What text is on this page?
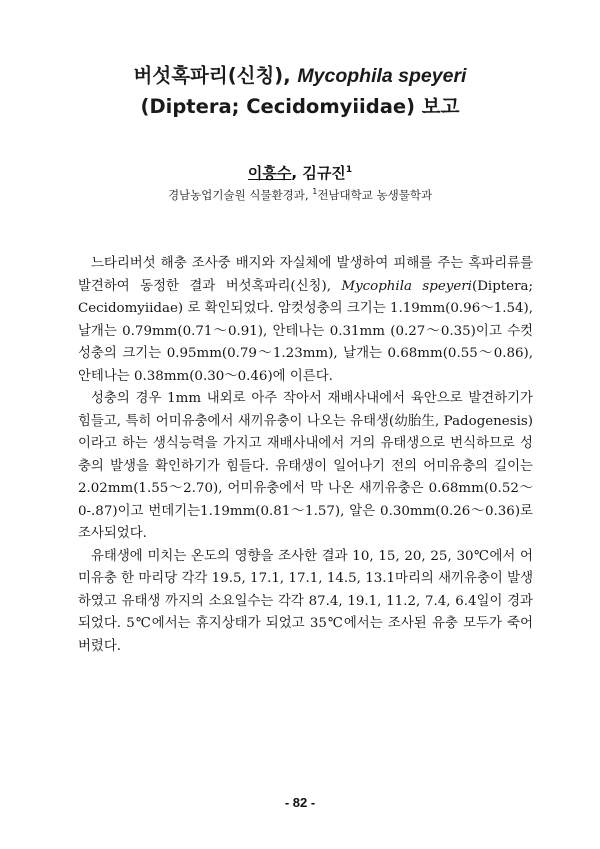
버섯혹파리(신칭), Mycophila speyeri
(Diptera; Cecidomyiidae) 보고
이흥수, 김규진$^1$
경남농업기술원 식물환경과, $^1$전남대학교 농생물학과

느타리버섯 해충 조사중 배지와 자실체에 발생하여 피해를 주는 혹파리류를 발견하여 동정한 결과 버섯혹파리(신칭), Mycophila speyeri(Diptera; Cecidomyiidae) 로 확인되었다. 암컷성충의 크기는 1.19mm(0.96～1.54), 날개는 0.79mm(0.71～0.91), 안테나는 0.31mm (0.27～0.35)이고 수컷성충의 크기는 0.95mm(0.79～1.23mm), 날개는 0.68mm(0.55～0.86), 안테나는 0.38mm(0.30～0.46)에 이른다.

성충의 경우 1mm 내외로 아주 작아서 재배사내에서 육안으로 발견하기가 힘들고, 특히 어미유충에서 새끼유충이 나오는 유태생(幼胎生, Padogenesis)이라고 하는 생식능력을 가지고 재배사내에서 거의 유태생으로 번식하므로 성충의 발생을 확인하기가 힘들다. 유태생이 일어나기 전의 어미유충의 길이는 2.02mm(1.55～2.70), 어미유충에서 막 나온 새끼유충은 0.68mm(0.52～0-.87)이고 번데기는1.19mm(0.81～1.57), 알은 0.30mm(0.26～0.36)로 조사되었다.

유태생에 미치는 온도의 영향을 조사한 결과 10, 15, 20, 25, 30℃에서 어미유충 한 마리당 각각 19.5, 17.1, 17.1, 14.5, 13.1마리의 새끼유충이 발생하였고 유태생 까지의 소요일수는 각각 87.4, 19.1, 11.2, 7.4, 6.4일이 경과되었다. 5℃에서는 휴지상태가 되었고 35℃에서는 조사된 유충 모두가 죽어버렸다.

- 82 -
